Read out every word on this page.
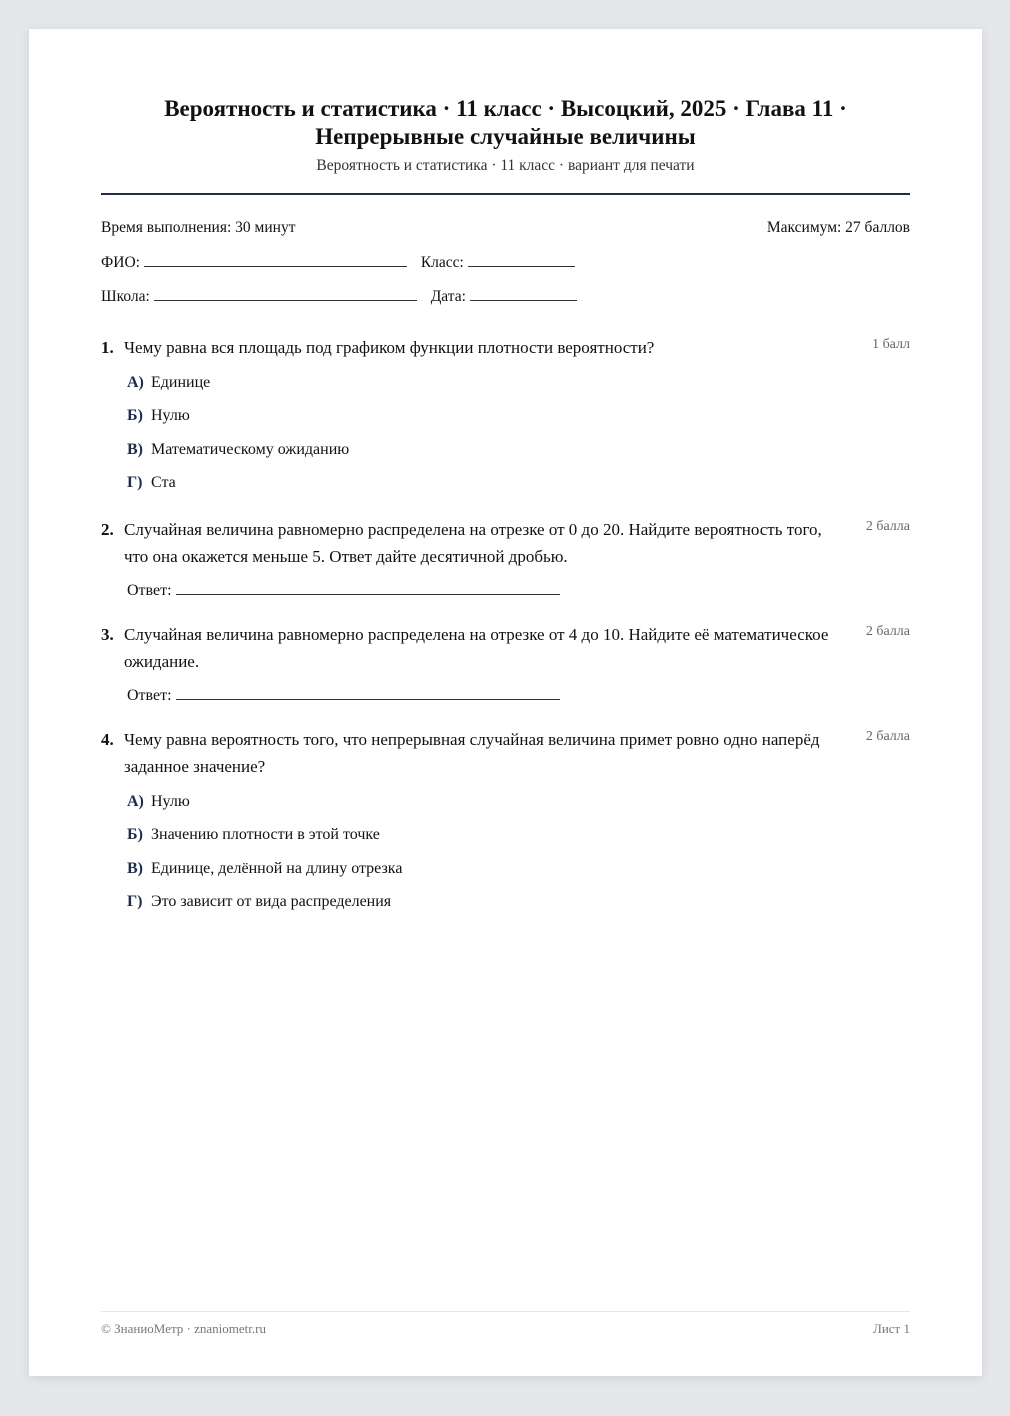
Вероятность и статистика · 11 класс · Высоцкий, 2025 · Глава 11 ·
Непрерывные случайные величины
Вероятность и статистика · 11 класс · вариант для печати
Время выполнения: 30 минут	Максимум: 27 баллов
ФИО:	Класс:
Школа:	Дата:
1. Чему равна вся площадь под графиком функции плотности вероятности?	1 балл
А) Единице
Б) Нулю
В) Математическому ожиданию
Г) Ста
2. Случайная величина равномерно распределена на отрезке от 0 до 20. Найдите вероятность того, что она окажется меньше 5. Ответ дайте десятичной дробью.
2 балла
Ответ:
3. Случайная величина равномерно распределена на отрезке от 4 до 10. Найдите её математическое ожидание.
2 балла
Ответ:
4. Чему равна вероятность того, что непрерывная случайная величина примет ровно одно наперёд заданное значение?
2 балла
А) Нулю
Б) Значению плотности в этой точке
В) Единице, делённой на длину отрезка
Г) Это зависит от вида распределения
© ЗнаниоМетр · znaniometr.ru	Лист 1
